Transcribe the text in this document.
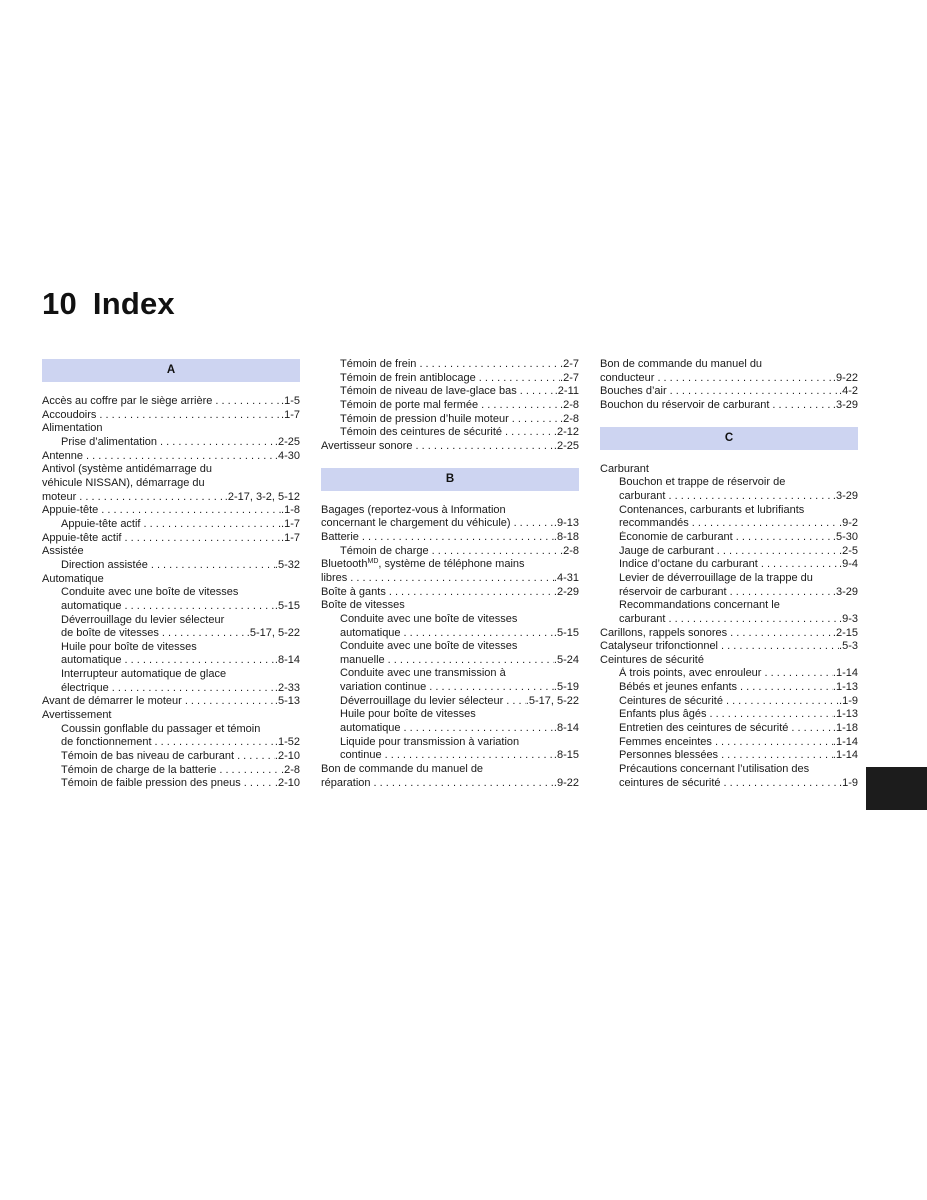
10 Index
A
Accès au coffre par le siège arrière . . .	.1-5
Accoudoirs . . .	.1-7
Alimentation
Prise d’alimentation . . .	.2-25
Antenne . . .	.4-30
Antivol (système antidémarrage du
véhicule NISSAN), démarrage du
moteur . . .	.2-17, 3-2, 5-12
Appuie-tête . . .	.1-8
Appuie-tête actif . . .	.1-7
Appuie-tête actif . . .	.1-7
Assistée
Direction assistée . . .	.5-32
Automatique
Conduite avec une boîte de vitesses
automatique . . .	.5-15
Déverrouillage du levier sélecteur
de boîte de vitesses . . .	.5-17, 5-22
Huile pour boîte de vitesses
automatique . . .	.8-14
Interrupteur automatique de glace
électrique . . .	.2-33
Avant de démarrer le moteur . . .	.5-13
Avertissement
Coussin gonflable du passager et témoin
de fonctionnement . . .	.1-52
Témoin de bas niveau de carburant . . .	.2-10
Témoin de charge de la batterie . . .	.2-8
Témoin de faible pression des pneus . . .	.2-10
Témoin de frein . . .	.2-7
Témoin de frein antiblocage . . .	.2-7
Témoin de niveau de lave-glace bas . . .	.2-11
Témoin de porte mal fermée . . .	.2-8
Témoin de pression d’huile moteur . . .	.2-8
Témoin des ceintures de sécurité . . .	.2-12
Avertisseur sonore . . .	.2-25
B
Bagages (reportez-vous à Information
concernant le chargement du véhicule) . . .	.9-13
Batterie . . .	.8-18
Témoin de charge . . .	.2-8
Bluetooth$^{MD}$, système de téléphone mains
libres . . .	.4-31
Boîte à gants . . .	.2-29
Boîte de vitesses
Conduite avec une boîte de vitesses
automatique . . .	.5-15
Conduite avec une boîte de vitesses
manuelle . . .	.5-24
Conduite avec une transmission à
variation continue . . .	.5-19
Déverrouillage du levier sélecteur . . . .5-17, 5-22
Huile pour boîte de vitesses
automatique . . .	.8-14
Liquide pour transmission à variation
continue . . .	.8-15
Bon de commande du manuel de
réparation . . .	.9-22
Bon de commande du manuel du
conducteur . . .	.9-22
Bouches d’air . . .	.4-2
Bouchon du réservoir de carburant . . .	.3-29
C
Carburant
Bouchon et trappe de réservoir de
carburant . . .	.3-29
Contenances, carburants et lubrifiants
recommandés . . .	.9-2
Économie de carburant . . .	.5-30
Jauge de carburant . . .	.2-5
Indice d’octane du carburant . . .	.9-4
Levier de déverrouillage de la trappe du
réservoir de carburant . . .	.3-29
Recommandations concernant le
carburant . . .	.9-3
Carillons, rappels sonores . . .	.2-15
Catalyseur trifonctionnel . . .	.5-3
Ceintures de sécurité
À trois points, avec enrouleur . . .	.1-14
Bébés et jeunes enfants . . .	.1-13
Ceintures de sécurité . . .	.1-9
Enfants plus âgés . . .	.1-13
Entretien des ceintures de sécurité . . .	.1-18
Femmes enceintes . . .	.1-14
Personnes blessées . . .	.1-14
Précautions concernant l’utilisation des
ceintures de sécurité . . .	.1-9
